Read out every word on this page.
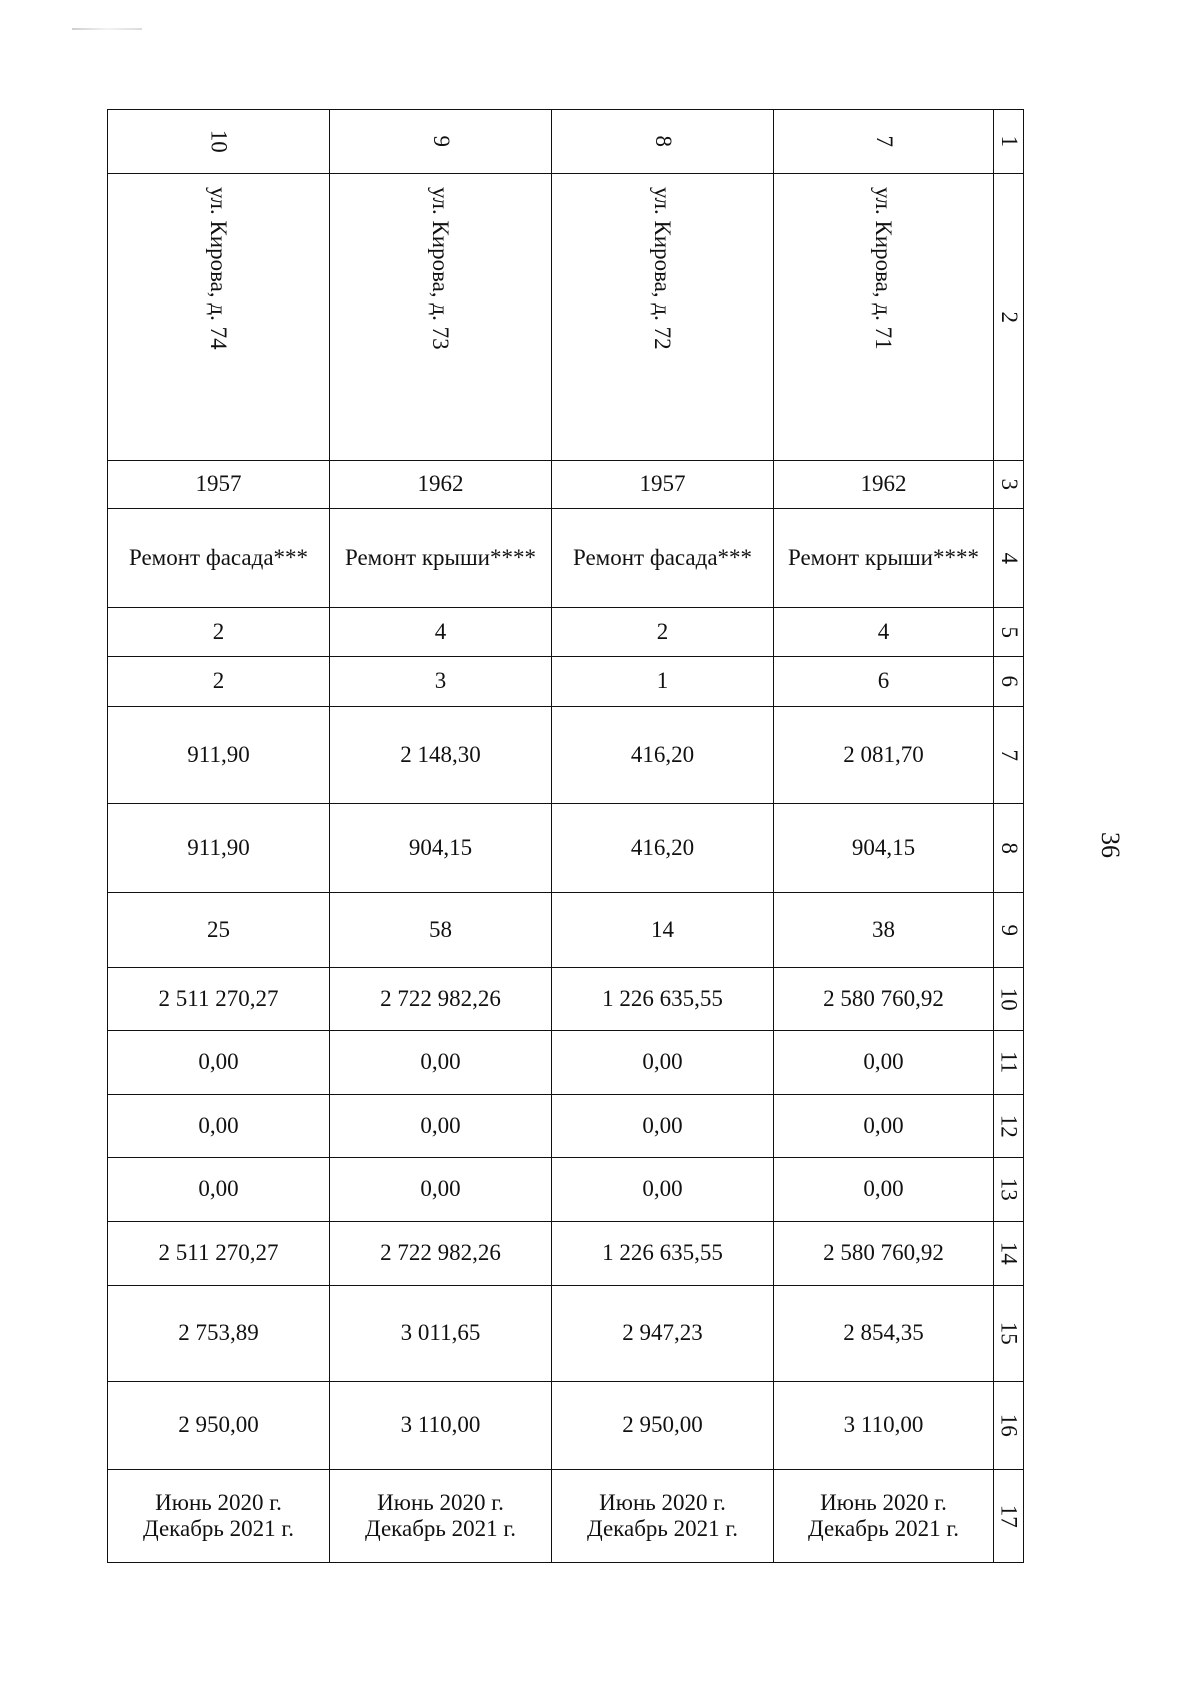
10	9	8	7	1

ул. Кирова, д. 74	ул. Кирова, д. 73	ул. Кирова, д. 72	ул. Кирова, д. 71	2
1957	1962	1957	1962	3
Ремонт фасада***	Ремонт крыши****	Ремонт фасада***	Ремонт крыши****	4
2	4	2	4	5
2	3	1	6	6
911,90	2 148,30	416,20	2 081,70	7
911,90	904,15	416,20	904,15	8
25	58	14	38	9
2 511 270,27	2 722 982,26	1 226 635,55	2 580 760,92	10
0,00	0,00	0,00	0,00	11
0,00	0,00	0,00	0,00	12
0,00	0,00	0,00	0,00	13
2 511 270,27	2 722 982,26	1 226 635,55	2 580 760,92	14
2 753,89	3 011,65	2 947,23	2 854,35	15
2 950,00	3 110,00	2 950,00	3 110,00	16

Июнь 2020 г.
Декабрь 2021 г.	Июнь 2020 г.
Декабрь 2021 г.	Июнь 2020 г.
Декабрь 2021 г.	Июнь 2020 г.
Декабрь 2021 г.	17
36
